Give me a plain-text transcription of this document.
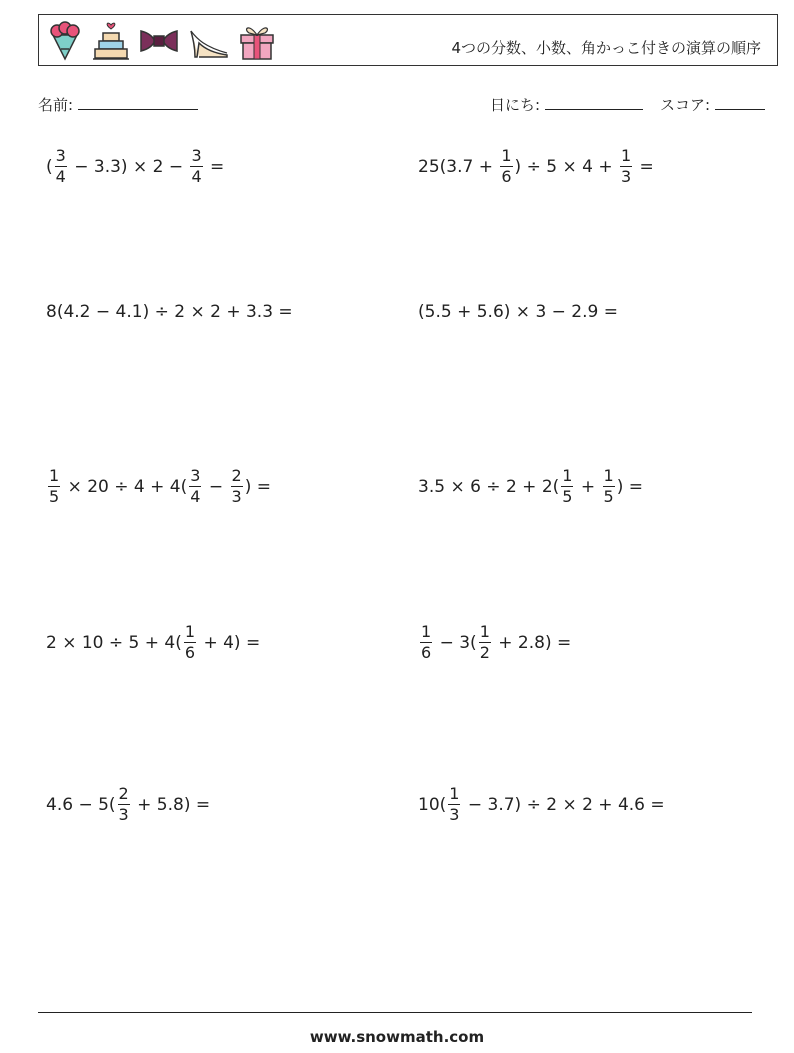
4つの分数、小数、角かっこ付きの演算の順序
名前:	日にち:	スコア:
( $\frac{3}{4} - 3.3) \times 2 - \frac{3}{4}$ =	$25(3.7 + \frac{1}{6}$ ) ÷ $5 \times 4 + \frac{1}{3}$ =
8(4.2 − 4.1) ÷ 2 × 2 + 3.3 =	(5.5 + 5.6) × 3 − 2.9 =
$\frac{1}{5} \times 20 \div 4 + 4( \frac{3}{4} - \frac{2}{3}$ ) =	$3.5 \times 6 \div 2 + 2( \frac{1}{5} + \frac{1}{5}$ ) =
$2 \times 10 \div 5 + 4( \frac{1}{6} + 4)$ =	$\frac{1}{6} - 3( \frac{1}{2} + 2.8)$ =
$4.6 - 5( \frac{2}{3} + 5.8)$ =	$10( \frac{1}{3} - 3.7) \div 2 \times 2 + 4.6$ =
www.snowmath.com
